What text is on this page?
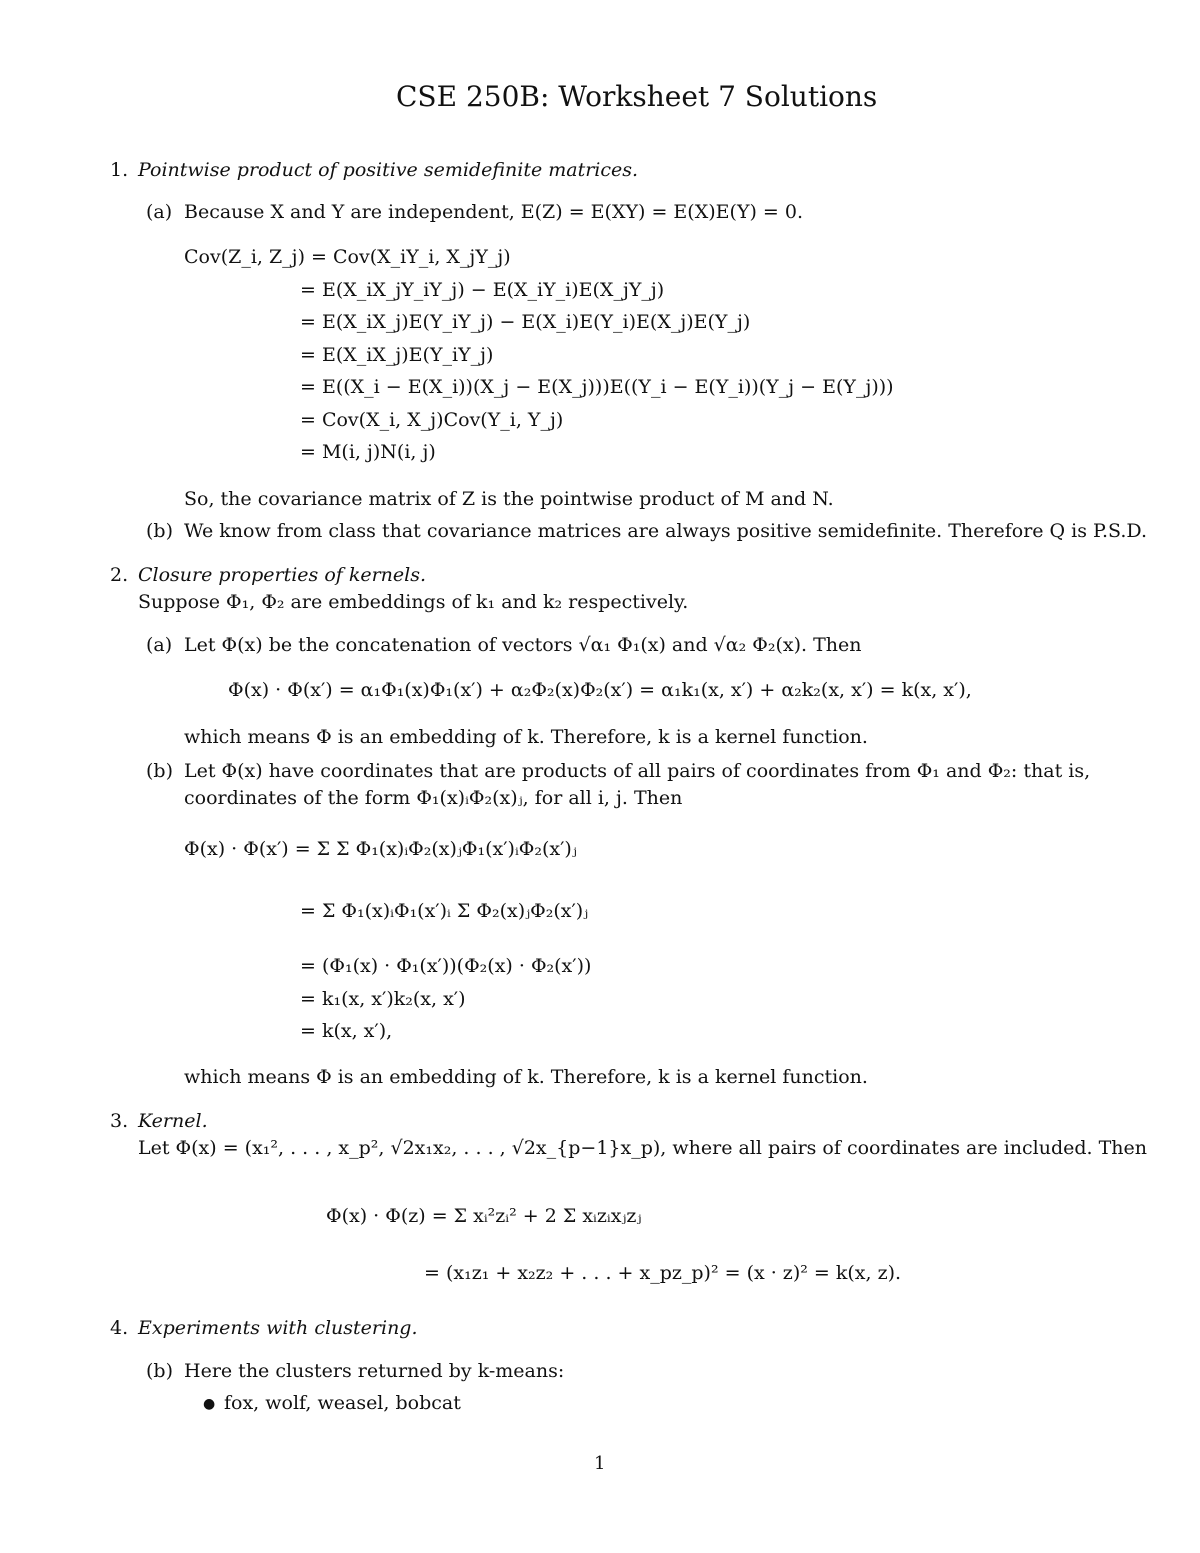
CSE 250B: Worksheet 7 Solutions
1. Pointwise product of positive semidefinite matrices.
(a) Because X and Y are independent, E(Z) = E(XY) = E(X)E(Y) = 0.
Cov(Z_i, Z_j) = Cov(X_iY_i, X_jY_j)
= E(X_iX_jY_iY_j) − E(X_iY_i)E(X_jY_j)
= E(X_iX_j)E(Y_iY_j) − E(X_i)E(Y_i)E(X_j)E(Y_j)
= E(X_iX_j)E(Y_iY_j)
= E((X_i − E(X_i))(X_j − E(X_j)))E((Y_i − E(Y_i))(Y_j − E(Y_j)))
= Cov(X_i, X_j)Cov(Y_i, Y_j)
= M(i, j)N(i, j)
So, the covariance matrix of Z is the pointwise product of M and N.
(b) We know from class that covariance matrices are always positive semidefinite. Therefore Q is P.S.D.
2. Closure properties of kernels.
Suppose Φ₁, Φ₂ are embeddings of k₁ and k₂ respectively.
(a) Let Φ(x) be the concatenation of vectors √α₁ Φ₁(x) and √α₂ Φ₂(x). Then
Φ(x) · Φ(x′) = α₁Φ₁(x)Φ₁(x′) + α₂Φ₂(x)Φ₂(x′) = α₁k₁(x, x′) + α₂k₂(x, x′) = k(x, x′),
which means Φ is an embedding of k. Therefore, k is a kernel function.
(b) Let Φ(x) have coordinates that are products of all pairs of coordinates from Φ₁ and Φ₂: that is,
coordinates of the form Φ₁(x)ᵢΦ₂(x)ⱼ, for all i, j. Then
Φ(x) · Φ(x′) = Σ Σ Φ₁(x)ᵢΦ₂(x)ⱼΦ₁(x′)ᵢΦ₂(x′)ⱼ
= Σ Φ₁(x)ᵢΦ₁(x′)ᵢ Σ Φ₂(x)ⱼΦ₂(x′)ⱼ
= (Φ₁(x) · Φ₁(x′))(Φ₂(x) · Φ₂(x′))
= k₁(x, x′)k₂(x, x′)
= k(x, x′),
which means Φ is an embedding of k. Therefore, k is a kernel function.
3. Kernel.
Let Φ(x) = (x₁², . . . , x_p², √2x₁x₂, . . . , √2x_{p−1}x_p), where all pairs of coordinates are included. Then
Φ(x) · Φ(z) = Σ xᵢ²zᵢ² + 2 Σ xᵢzᵢxⱼzⱼ
= (x₁z₁ + x₂z₂ + . . . + x_pz_p)² = (x · z)² = k(x, z).
4. Experiments with clustering.
(b) Here the clusters returned by k-means:
● fox, wolf, weasel, bobcat
1
